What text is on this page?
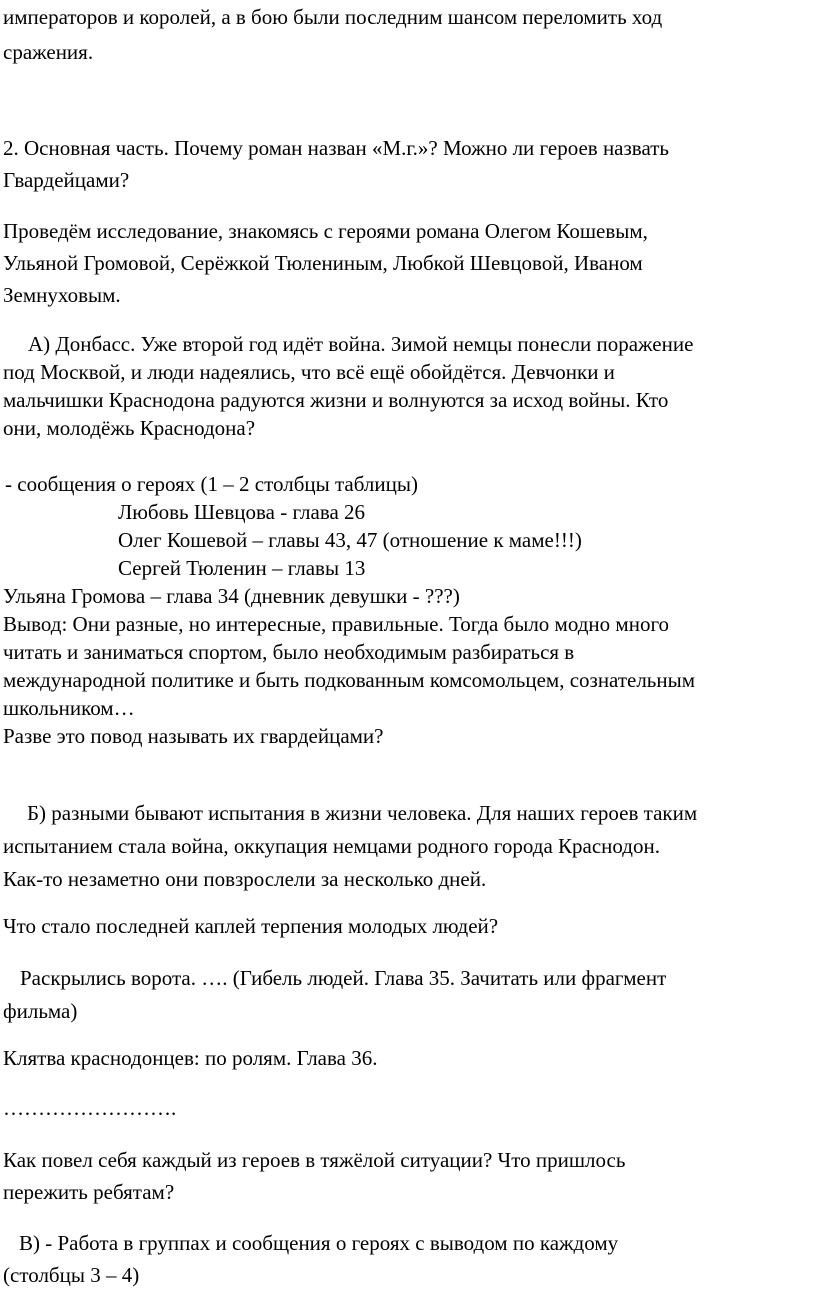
императоров и королей, а в бою были последним шансом переломить ход
сражения.
2. Основная часть. Почему роман назван «М.г.»? Можно ли героев назвать
Гвардейцами?
Проведём исследование, знакомясь с героями романа Олегом Кошевым,
Ульяной Громовой, Серёжкой Тюлениным, Любкой Шевцовой, Иваном
Земнуховым.
А) Донбасс. Уже второй год идёт война. Зимой немцы понесли поражение
под Москвой, и люди надеялись, что всё ещё обойдётся. Девчонки и
мальчишки Краснодона радуются жизни и волнуются за исход войны. Кто
они, молодёжь Краснодона?
- сообщения о героях (1 – 2 столбцы таблицы)
Любовь Шевцова - глава 26
Олег Кошевой – главы 43, 47 (отношение к маме!!!)
Сергей Тюленин – главы 13
Ульяна Громова – глава 34 (дневник девушки - ???)
Вывод: Они разные, но интересные, правильные. Тогда было модно много
читать и заниматься спортом, было необходимым разбираться в
международной политике и быть подкованным комсомольцем, сознательным
школьником…
Разве это повод называть их гвардейцами?
Б) разными бывают испытания в жизни человека. Для наших героев таким
испытанием стала война, оккупация немцами родного города Краснодон.
Как-то незаметно они повзрослели за несколько дней.
Что стало последней каплей терпения молодых людей?
Раскрылись ворота. …. (Гибель людей. Глава 35. Зачитать или фрагмент
фильма)
Клятва краснодонцев: по ролям. Глава 36.
…………………….
Как повел себя каждый из героев в тяжёлой ситуации? Что пришлось
пережить ребятам?
В) - Работа в группах и сообщения о героях с выводом по каждому
(столбцы 3 – 4)
